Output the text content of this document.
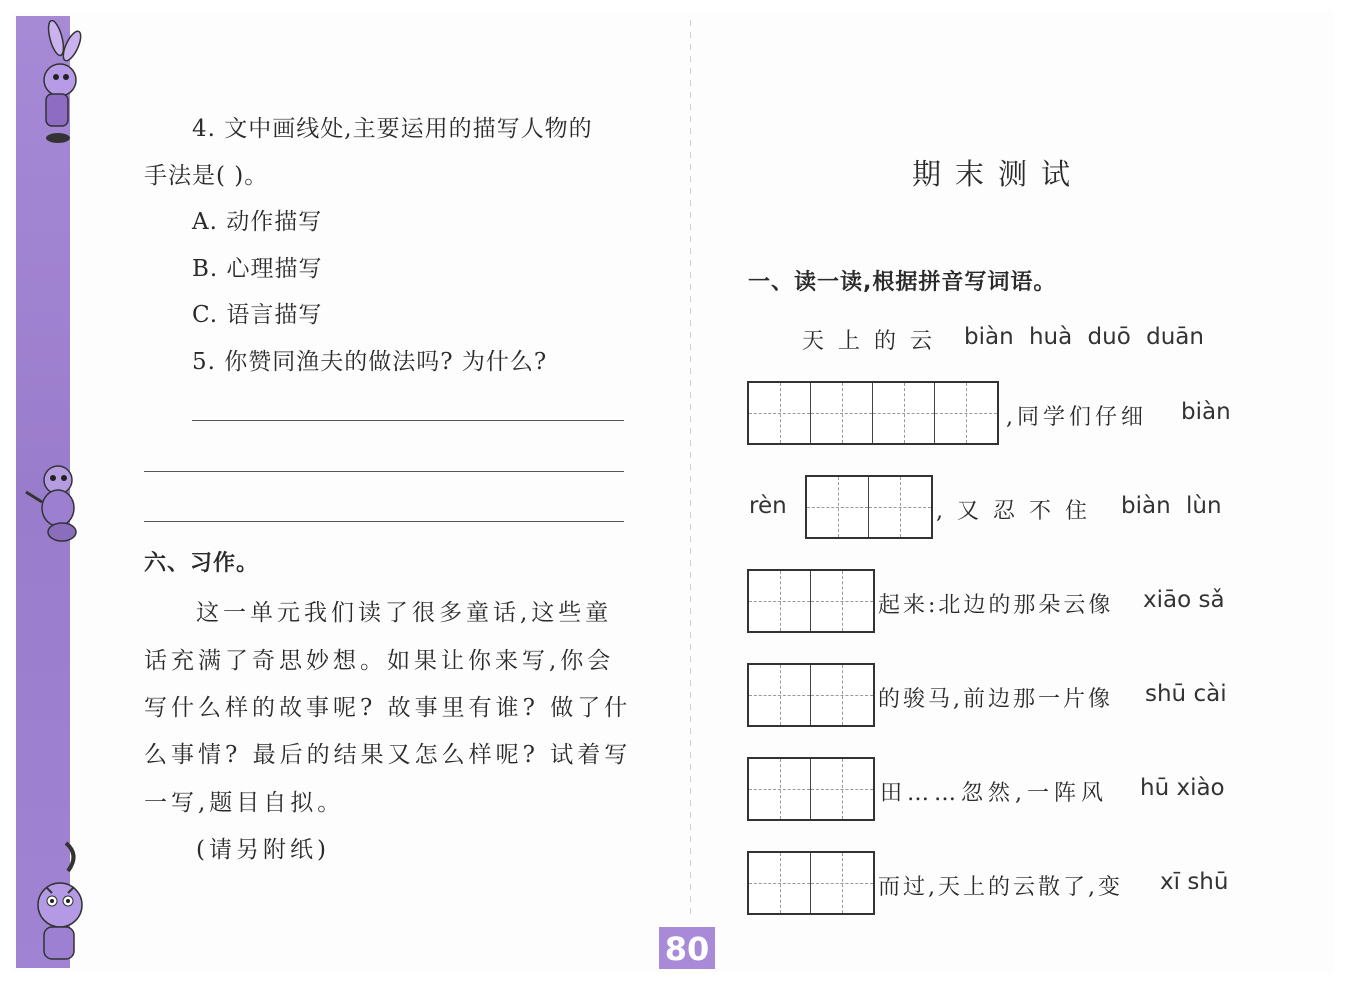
4. 文中画线处,主要运用的描写人物的
手法是( )。
A. 动作描写
B. 心理描写
C. 语言描写
5. 你赞同渔夫的做法吗? 为什么?
六、习作。
这一单元我们读了很多童话,这些童
话充满了奇思妙想。如果让你来写,你会
写什么样的故事呢? 故事里有谁? 做了什
么事情? 最后的结果又怎么样呢? 试着写
一写,题目自拟。
(请另附纸)
期末测试
一、读一读,根据拼音写词语。
天上的云 biàn huà duō duān
,同学们仔细 biàn
rèn	,又忍不住 biàn lùn
起来:北边的那朵云像 xiāo sǎ
的骏马,前边那一片像 shū cài
田……忽然,一阵风 hū xiào
而过,天上的云散了,变 xī shū
80
